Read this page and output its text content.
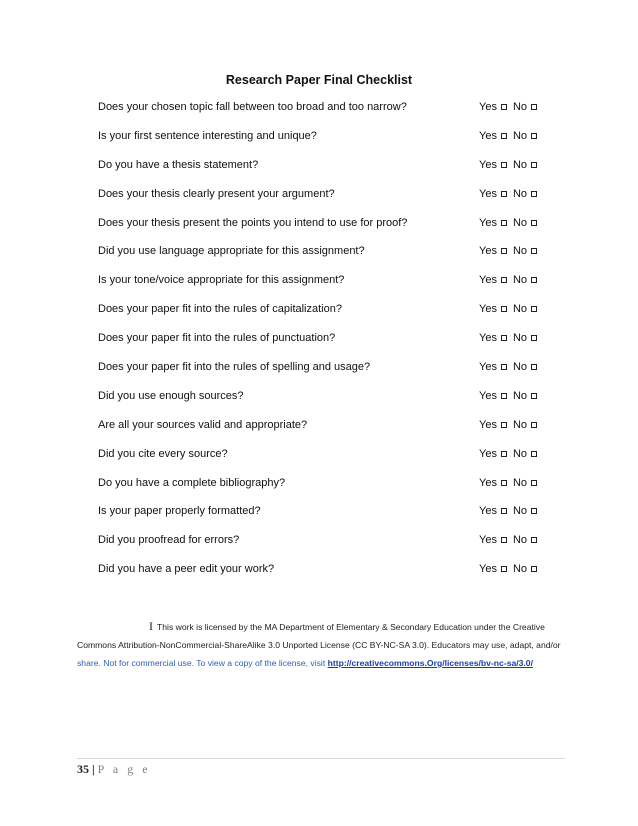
Research Paper Final Checklist
Does your chosen topic fall between too broad and too narrow?	Yes No
Is your first sentence interesting and unique?	Yes No
Do you have a thesis statement?	Yes No
Does your thesis clearly present your argument?	Yes No
Does your thesis present the points you intend to use for proof?	Yes No
Did you use language appropriate for this assignment?	Yes No
Is your tone/voice appropriate for this assignment?	Yes No
Does your paper fit into the rules of capitalization?	Yes No
Does your paper fit into the rules of punctuation?	Yes No
Does your paper fit into the rules of spelling and usage?	Yes No
Did you use enough sources?	Yes No
Are all your sources valid and appropriate?	Yes No
Did you cite every source?	Yes No
Do you have a complete bibliography?	Yes No
Is your paper properly formatted?	Yes No
Did you proofread for errors?	Yes No
Did you have a peer edit your work?	Yes No
I This work is licensed by the MA Department of Elementary & Secondary Education under the Creative Commons Attribution-NonCommercial-ShareAlike 3.0 Unported License (CC BY-NC-SA 3.0). Educators may use, adapt, and/or share. Not for commercial use. To view a copy of the license, visit http://creativecommons.Org/licenses/bv-nc-sa/3.0/
35 | P a g e
